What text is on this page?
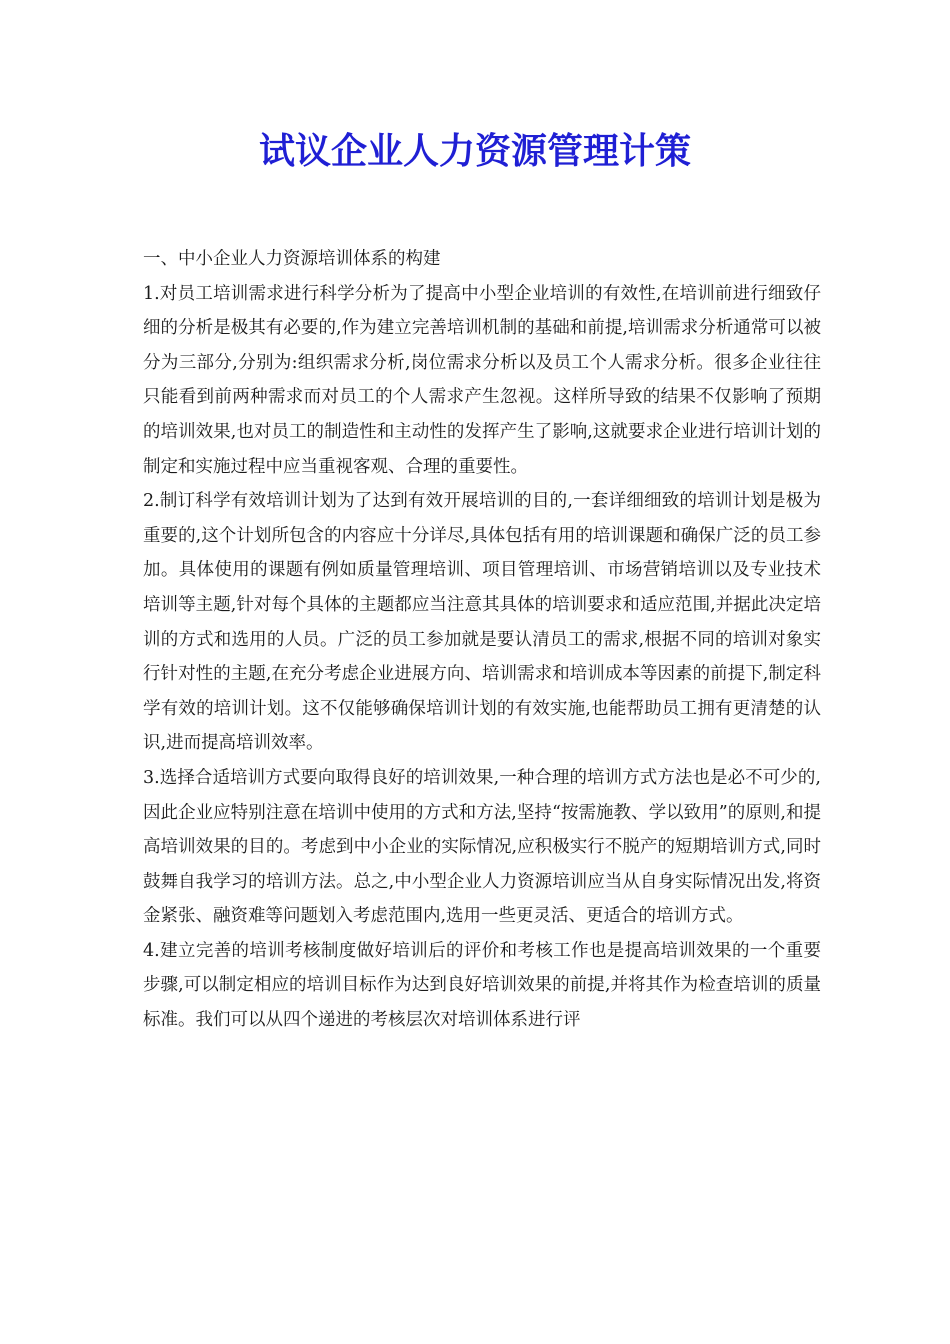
试议企业人力资源管理计策

一、中小企业人力资源培训体系的构建

1.对员工培训需求进行科学分析为了提高中小型企业培训的有效性,在培训前进行细致仔细的分析是极其有必要的,作为建立完善培训机制的基础和前提,培训需求分析通常可以被分为三部分,分别为:组织需求分析,岗位需求分析以及员工个人需求分析。很多企业往往只能看到前两种需求而对员工的个人需求产生忽视。这样所导致的结果不仅影响了预期的培训效果,也对员工的制造性和主动性的发挥产生了影响,这就要求企业进行培训计划的制定和实施过程中应当重视客观、合理的重要性。

2.制订科学有效培训计划为了达到有效开展培训的目的,一套详细细致的培训计划是极为重要的,这个计划所包含的内容应十分详尽,具体包括有用的培训课题和确保广泛的员工参加。具体使用的课题有例如质量管理培训、项目管理培训、市场营销培训以及专业技术培训等主题,针对每个具体的主题都应当注意其具体的培训要求和适应范围,并据此决定培训的方式和选用的人员。广泛的员工参加就是要认清员工的需求,根据不同的培训对象实行针对性的主题,在充分考虑企业进展方向、培训需求和培训成本等因素的前提下,制定科学有效的培训计划。这不仅能够确保培训计划的有效实施,也能帮助员工拥有更清楚的认识,进而提高培训效率。

3.选择合适培训方式要向取得良好的培训效果,一种合理的培训方式方法也是必不可少的,因此企业应特别注意在培训中使用的方式和方法,坚持“按需施教、学以致用”的原则,和提高培训效果的目的。考虑到中小企业的实际情况,应积极实行不脱产的短期培训方式,同时鼓舞自我学习的培训方法。总之,中小型企业人力资源培训应当从自身实际情况出发,将资金紧张、融资难等问题划入考虑范围内,选用一些更灵活、更适合的培训方式。

4.建立完善的培训考核制度做好培训后的评价和考核工作也是提高培训效果的一个重要步骤,可以制定相应的培训目标作为达到良好培训效果的前提,并将其作为检查培训的质量标准。我们可以从四个递进的考核层次对培训体系进行评
